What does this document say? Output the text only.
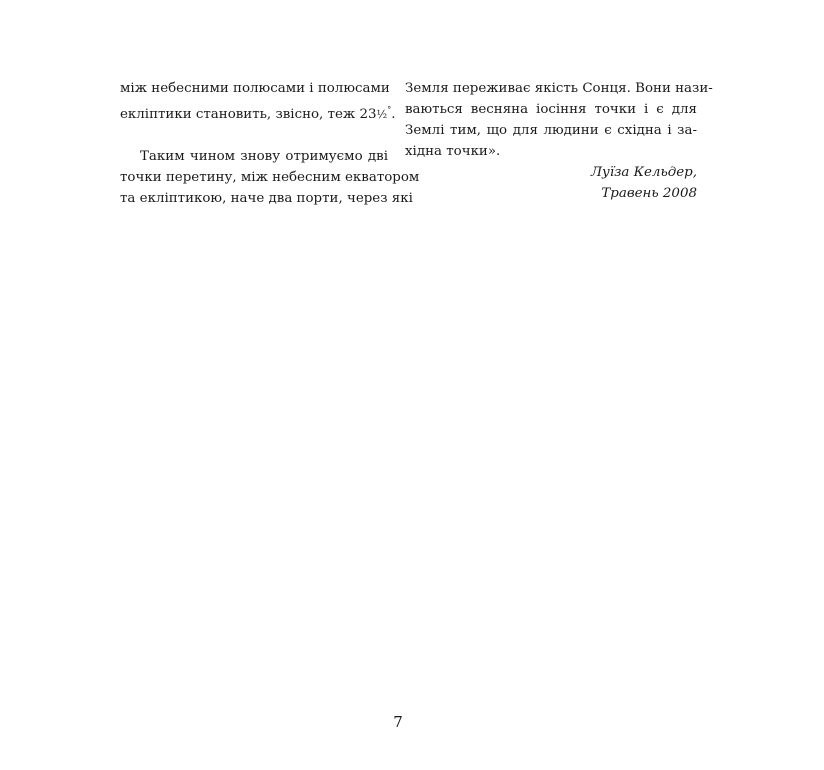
між небесними полюсами і полюсами
екліптики становить, звісно, теж 23½°.
Таким чином знову отримуємо дві
точки перетину, між небесним екватором
та екліптикою, наче два порти, через які
Земля переживає якість Сонця. Вони нази-
ваються весняна іосіння точки і є для
Землі тим, що для людини є східна і за-
хідна точки».
Луїза Кельдер,
Травень 2008
7
